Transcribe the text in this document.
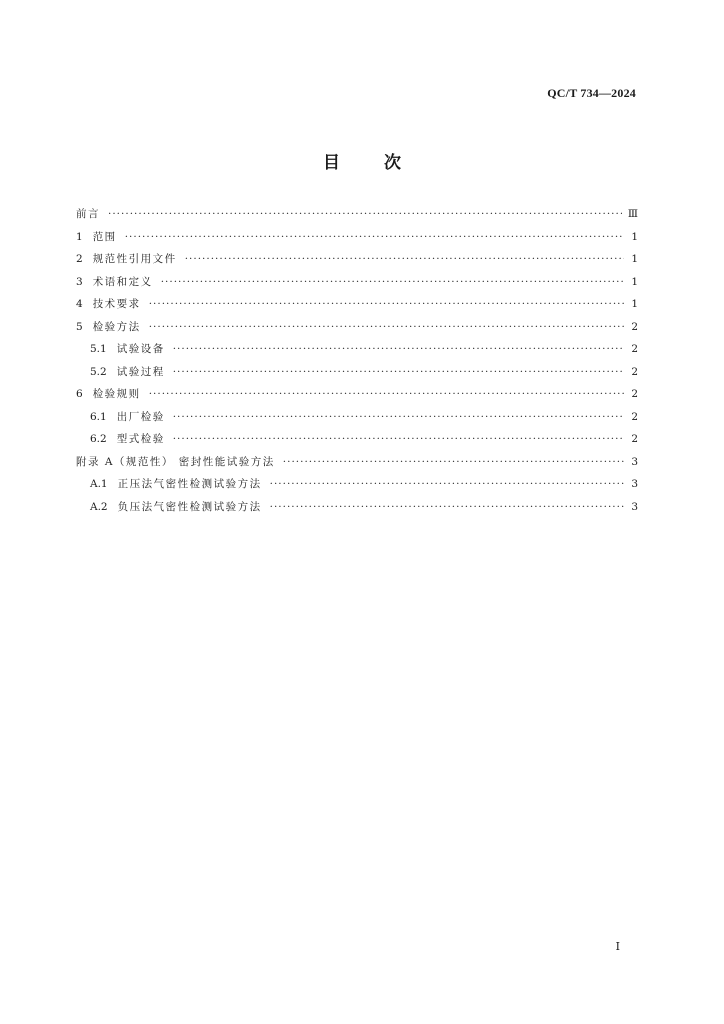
QC/T 734—2024
目	次
前言 ·····	Ⅲ
1 范围 ·····	1
2 规范性引用文件 ·····	1
3 术语和定义 ·····	1
4 技术要求 ·····	1
5 检验方法 ·····	2
5.1 试验设备 ·····	2
5.2 试验过程 ·····	2
6 检验规则 ·····	2
6.1 出厂检验 ·····	2
6.2 型式检验 ·····	2
附录 A（规范性） 密封性能试验方法 ·····	3
A.1 正压法气密性检测试验方法 ·····	3
A.2 负压法气密性检测试验方法 ·····	3
I
